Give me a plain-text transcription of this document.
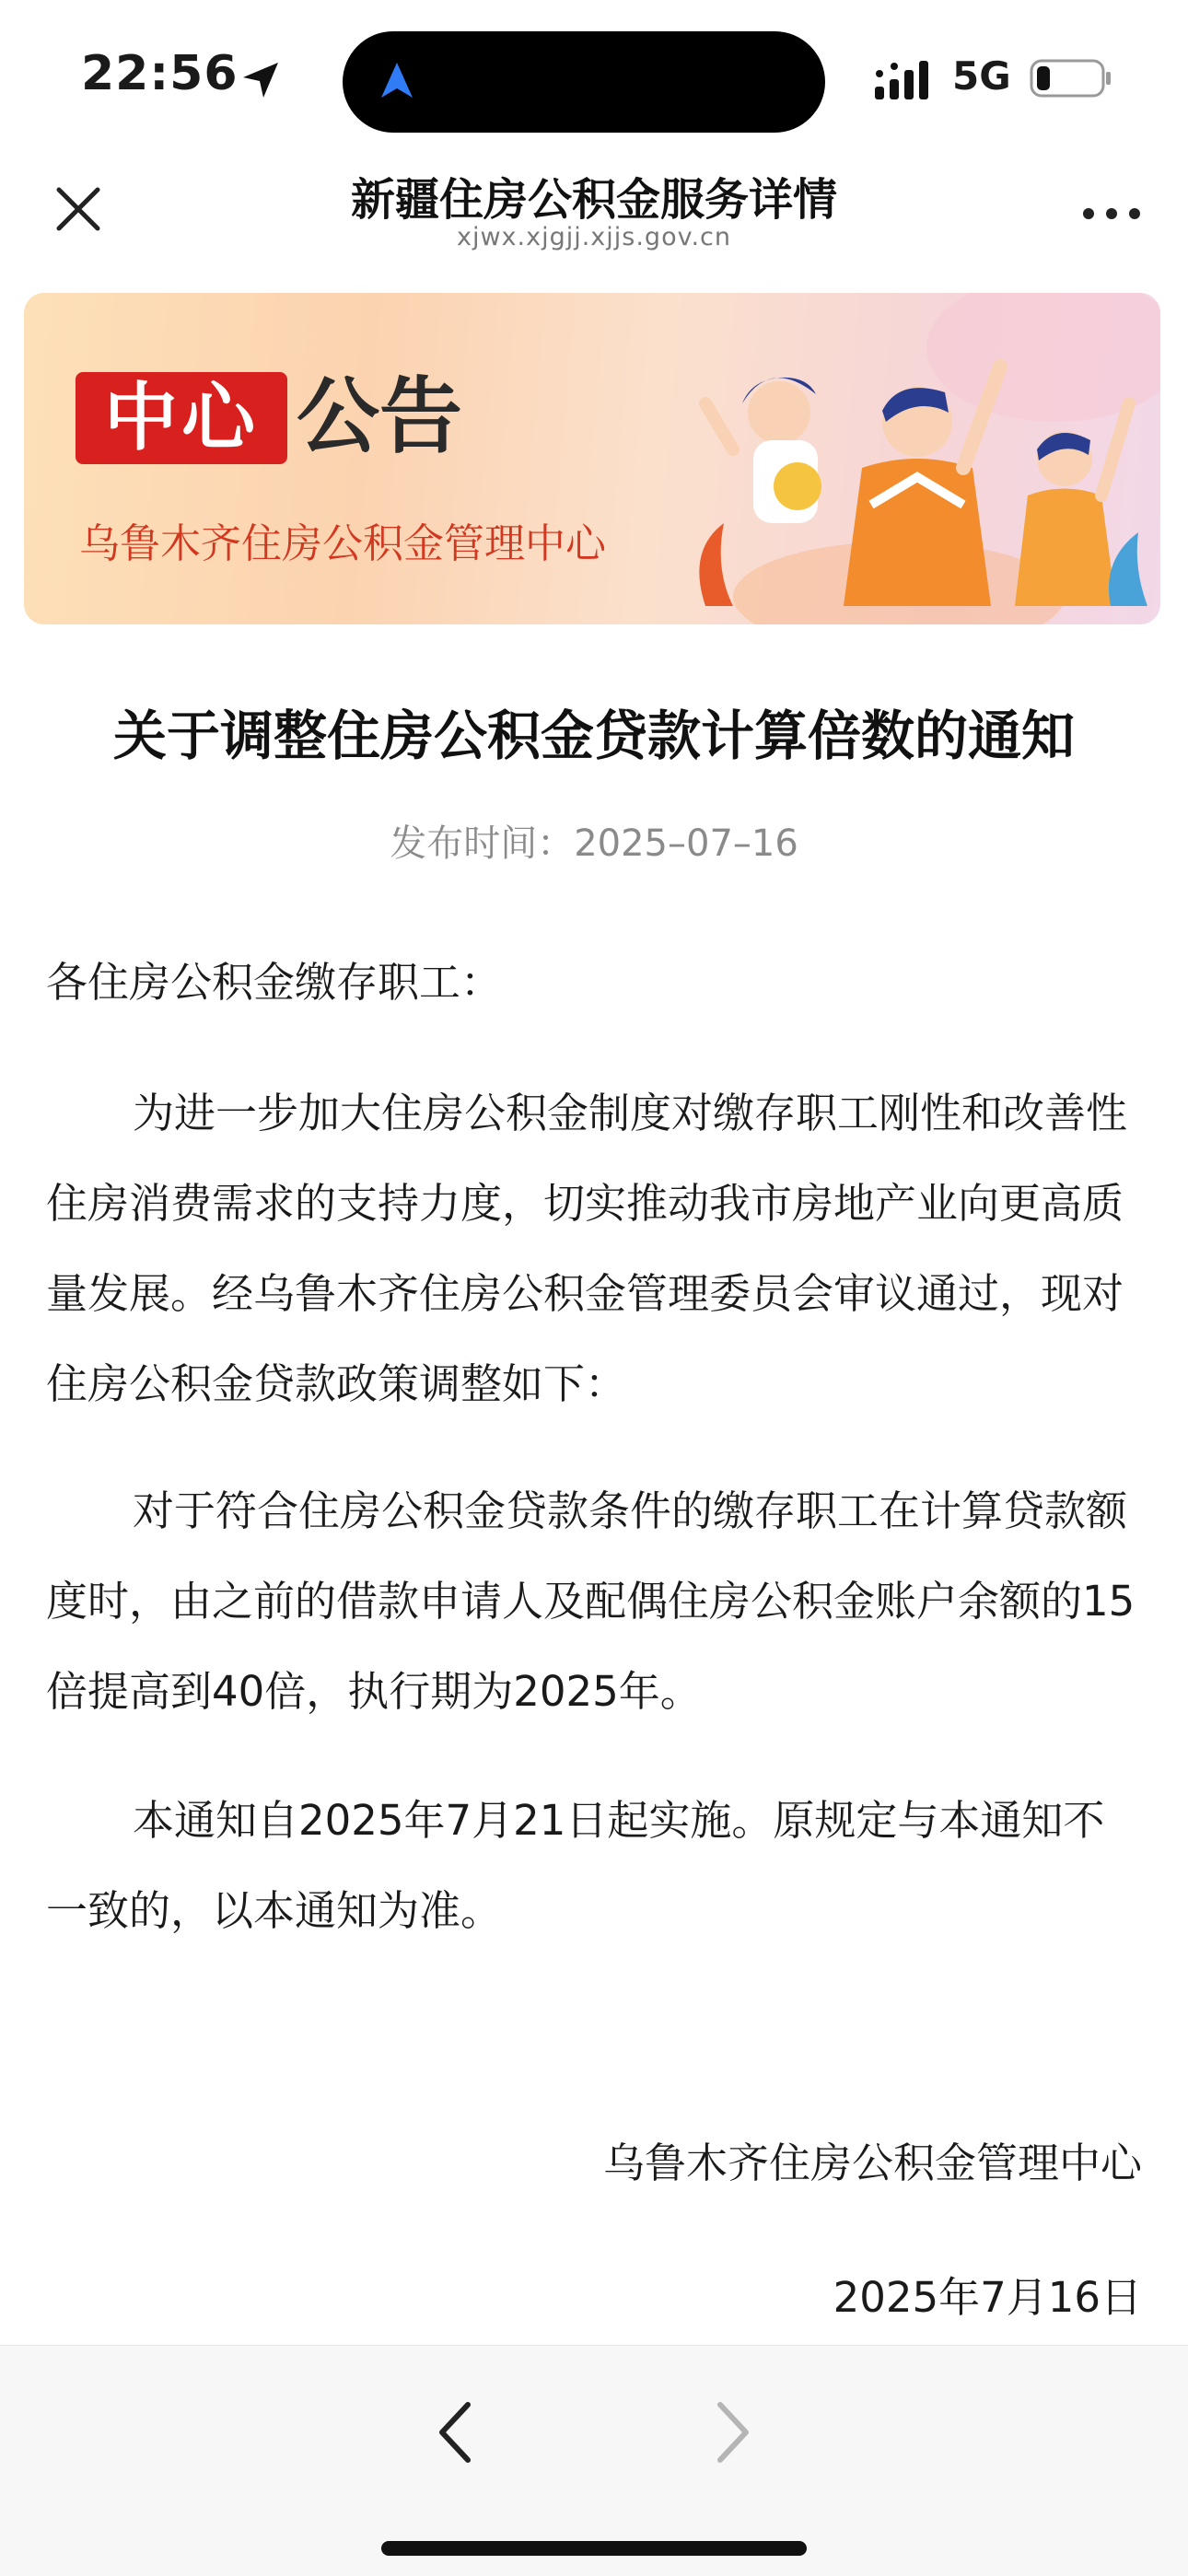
22:56	5G
新疆住房公积金服务详情
xjwx.xjgjj.xjjs.gov.cn
中心 公告
乌鲁木齐住房公积金管理中心
关于调整住房公积金贷款计算倍数的通知
发布时间：2025–07–16

各住房公积金缴存职工：

为进一步加大住房公积金制度对缴存职工刚性和改善性住房消费需求的支持力度，切实推动我市房地产业向更高质量发展。经乌鲁木齐住房公积金管理委员会审议通过，现对住房公积金贷款政策调整如下：

对于符合住房公积金贷款条件的缴存职工在计算贷款额度时，由之前的借款申请人及配偶住房公积金账户余额的15倍提高到40倍，执行期为2025年。

本通知自2025年7月21日起实施。原规定与本通知不一致的，以本通知为准。

乌鲁木齐住房公积金管理中心
2025年7月16日
